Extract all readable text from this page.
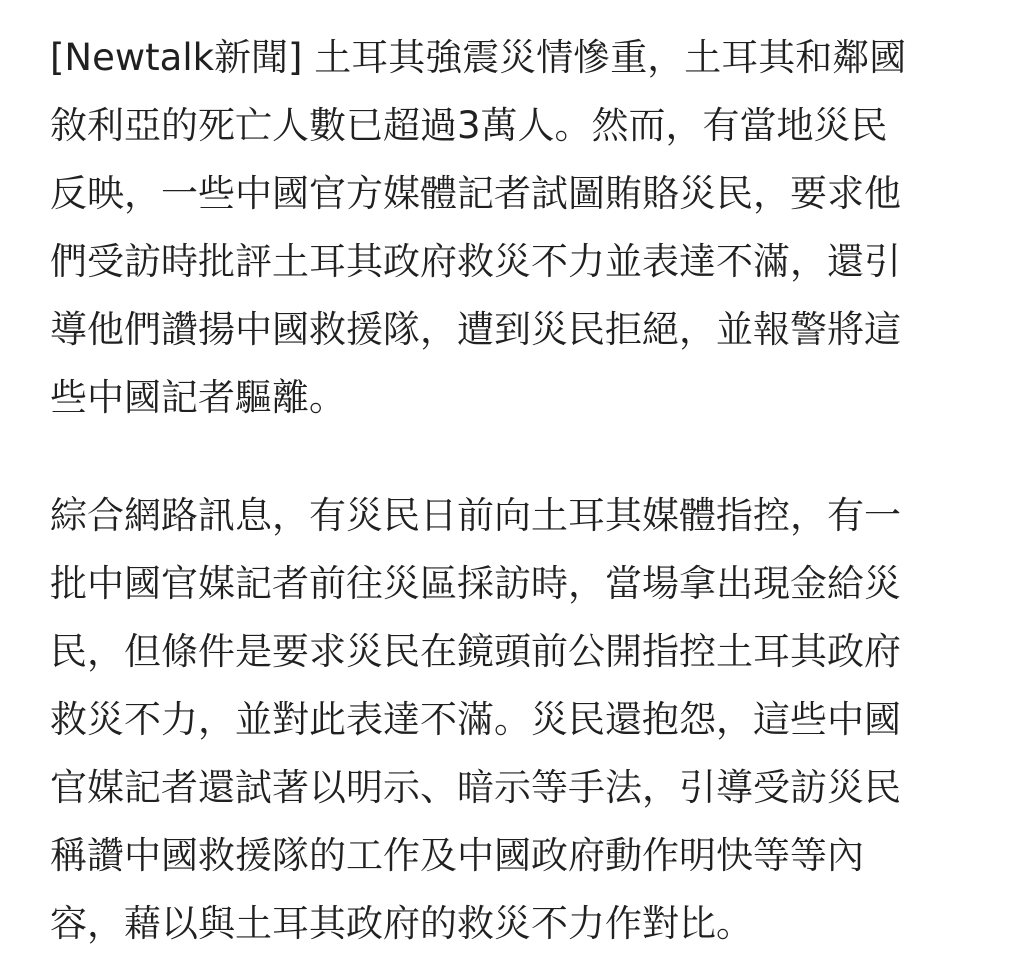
[Newtalk新聞] 土耳其強震災情慘重，土耳其和鄰國
敘利亞的死亡人數已超過3萬人。然而，有當地災民
反映，一些中國官方媒體記者試圖賄賂災民，要求他
們受訪時批評土耳其政府救災不力並表達不滿，還引
導他們讚揚中國救援隊，遭到災民拒絕，並報警將這
些中國記者驅離。
綜合網路訊息，有災民日前向土耳其媒體指控，有一
批中國官媒記者前往災區採訪時，當場拿出現金給災
民，但條件是要求災民在鏡頭前公開指控土耳其政府
救災不力，並對此表達不滿。災民還抱怨，這些中國
官媒記者還試著以明示、暗示等手法，引導受訪災民
稱讚中國救援隊的工作及中國政府動作明快等等內
容，藉以與土耳其政府的救災不力作對比。
